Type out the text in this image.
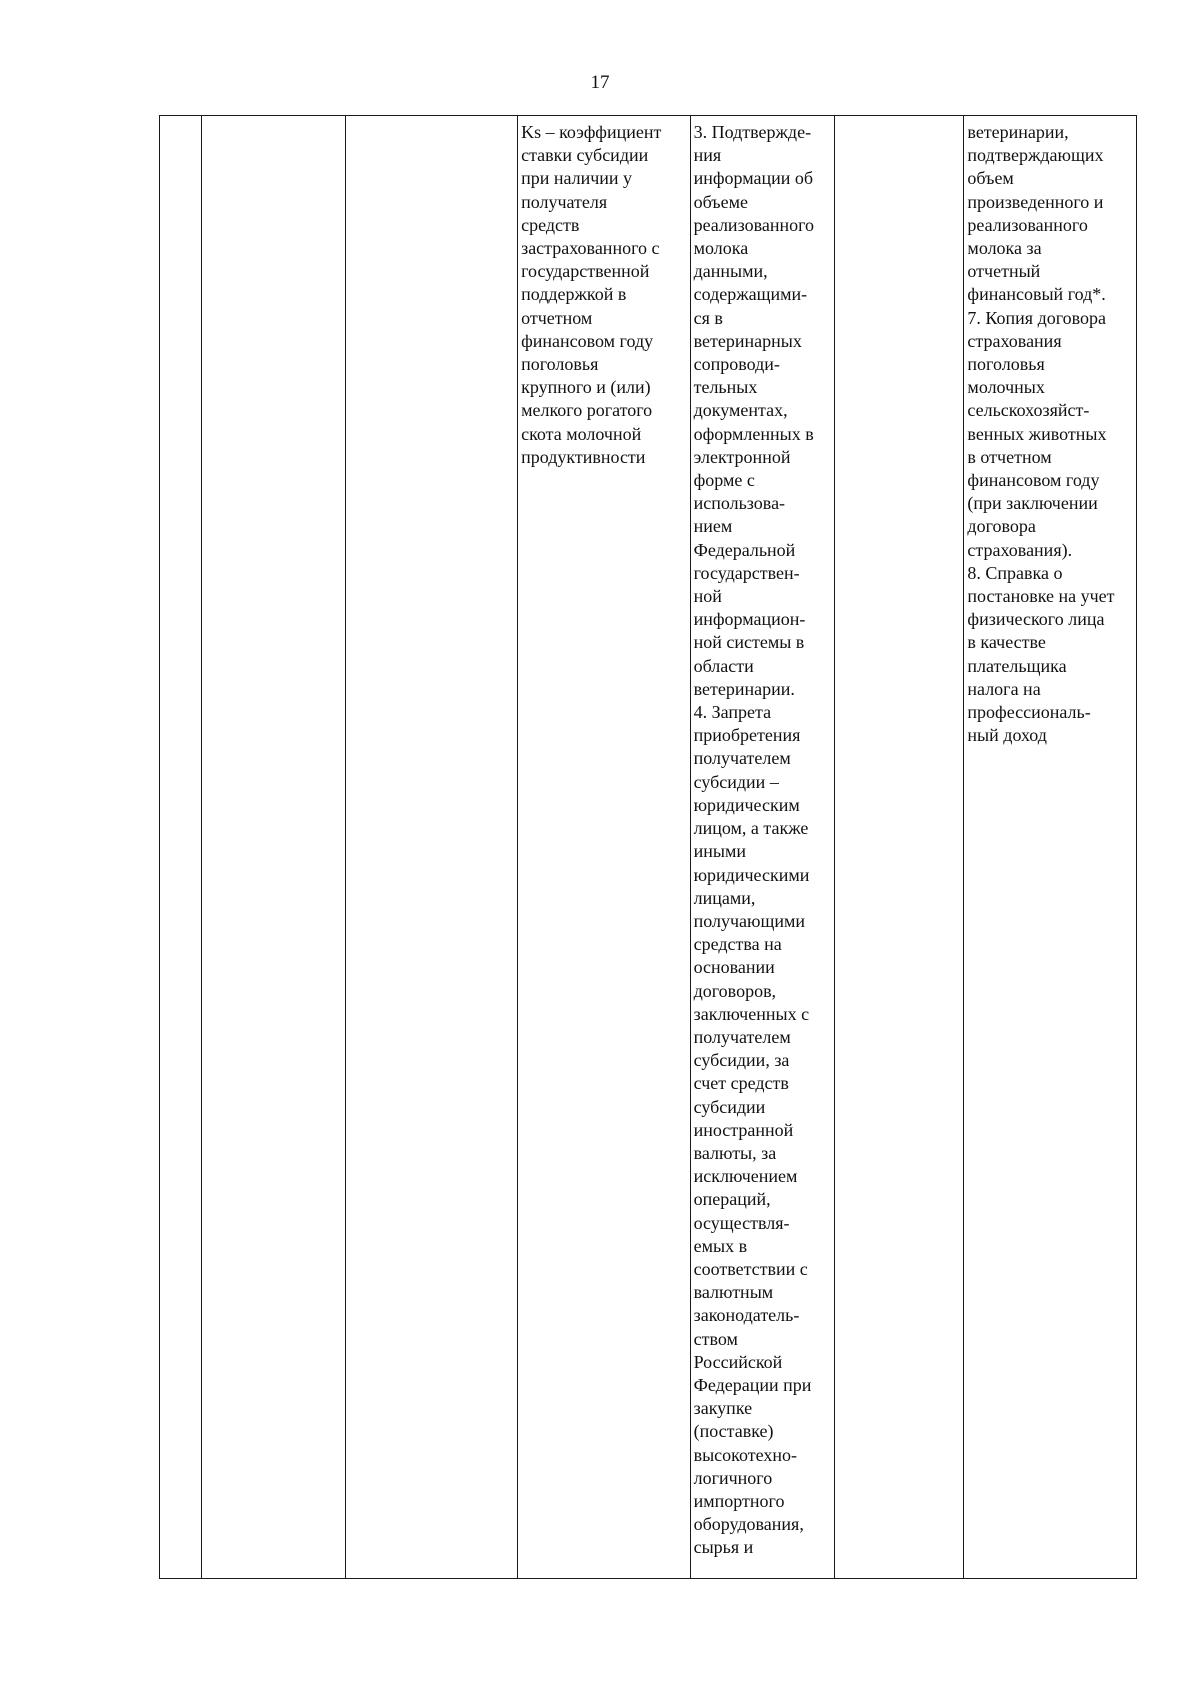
17
			Ks – коэффициент
ставки субсидии
при наличии у
получателя
средств
застрахованного с
государственной
поддержкой в
отчетном
финансовом году
поголовья
крупного и (или)
мелкого рогатого
скота молочной
продуктивности	3. Подтвержде-
ния
информации об
объеме
реализованного
молока
данными,
содержащими-
ся в
ветеринарных
сопроводи-
тельных
документах,
оформленных в
электронной
форме с
использова-
нием
Федеральной
государствен-
ной
информацион-
ной системы в
области
ветеринарии.
4. Запрета
приобретения
получателем
субсидии –
юридическим
лицом, а также
иными
юридическими
лицами,
получающими
средства на
основании
договоров,
заключенных с
получателем
субсидии, за
счет средств
субсидии
иностранной
валюты, за
исключением
операций,
осуществля-
емых в
соответствии с
валютным
законодатель-
ством
Российской
Федерации при
закупке
(поставке)
высокотехно-
логичного
импортного
оборудования,
сырья и		ветеринарии,
подтверждающих
объем
произведенного и
реализованного
молока за
отчетный
финансовый год*.
7. Копия договора
страхования
поголовья
молочных
сельскохозяйст-
венных животных
в отчетном
финансовом году
(при заключении
договора
страхования).
8. Справка о
постановке на учет
физического лица
в качестве
плательщика
налога на
профессиональ-
ный доход
